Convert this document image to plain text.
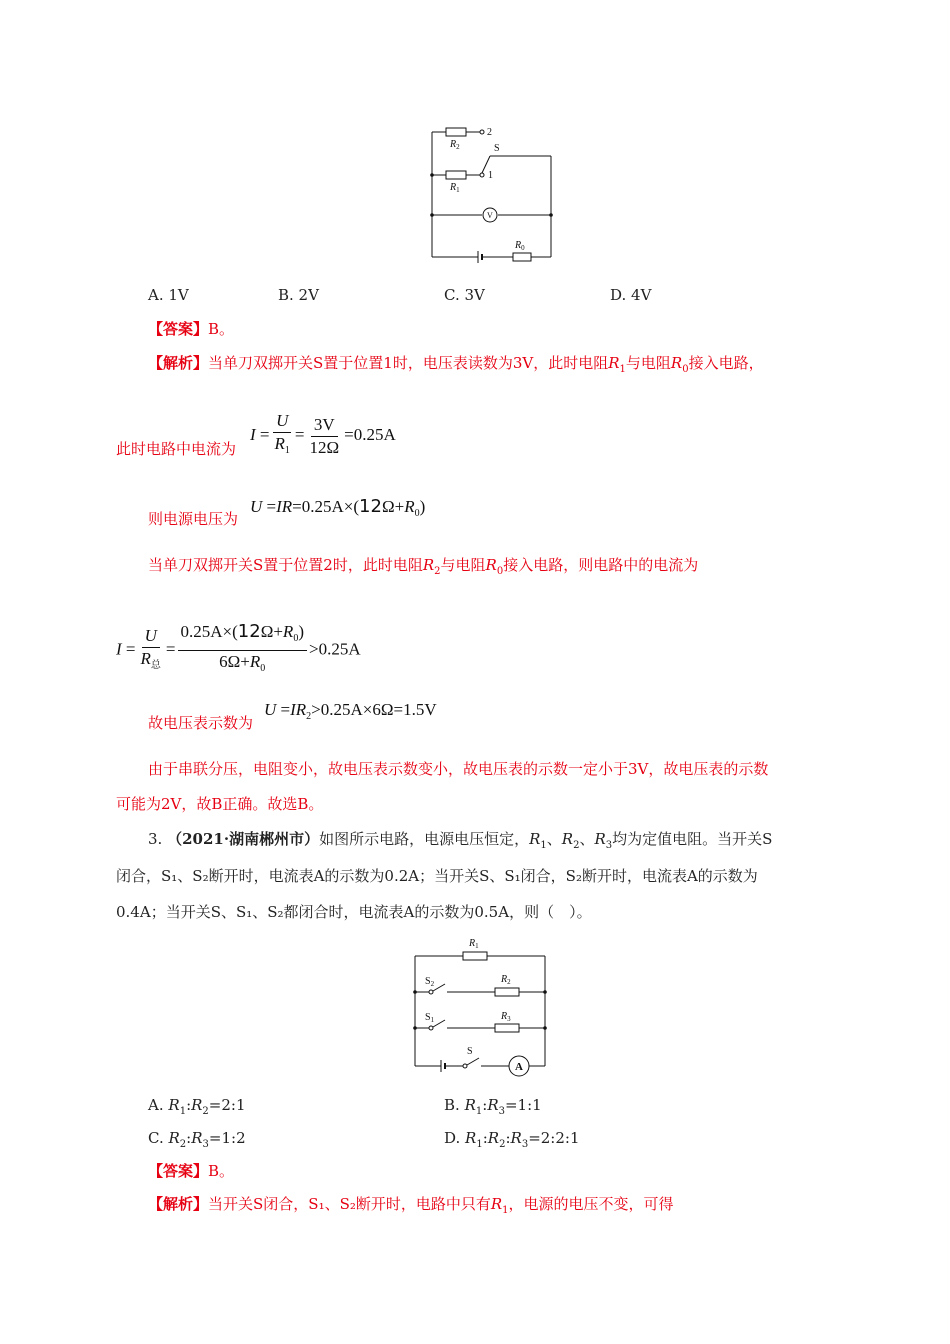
$R_2$
2
S
1
$R_1$
V
$R_0$
A. 1V	B. 2V	C. 3V	D. 4V
【答案】B。
【解析】当单刀双掷开关S置于位置1时，电压表读数为3V，此时电阻$R_1$与电阻$R_0$接入电路，
此时电路中电流为
$I = \frac{U}{R_1} = \frac{3V}{12\Omega} =0.25A$
则电源电压为
$U =IR=0.25A\times(12\Omega+R_0)$
当单刀双掷开关S置于位置2时，此时电阻$R_2$与电阻$R_0$接入电路，则电路中的电流为
$I = \frac{U}{R_总} = \frac{0.25A\times(12\Omega+R_0)}{6\Omega+R_0} >0.25A$
故电压表示数为
$U =IR_2>0.25A\times 6\Omega=1.5V$
由于串联分压，电阻变小，故电压表示数变小，故电压表的示数一定小于3V，故电压表的示数
可能为2V，故B正确。故选B。
3. （2021·湖南郴州市）如图所示电路，电源电压恒定，$R_1$、$R_2$、$R_3$均为定值电阻。当开关S
闭合，S₁、S₂断开时，电流表A的示数为0.2A；当开关S、S₁闭合，S₂断开时，电流表A的示数为
0.4A；当开关S、S₁、S₂都闭合时，电流表A的示数为0.5A，则（　）。
$R_1$
$S_2$	$R_2$
$S_1$	$R_3$
S
A
A. $R_1:R_2=2:1$	B. $R_1:R_3=1:1$
C. $R_2:R_3=1:2$	D. $R_1:R_2:R_3=2:2:1$
【答案】B。
【解析】当开关S闭合，S₁、S₂断开时，电路中只有$R_1$，电源的电压不变，可得
